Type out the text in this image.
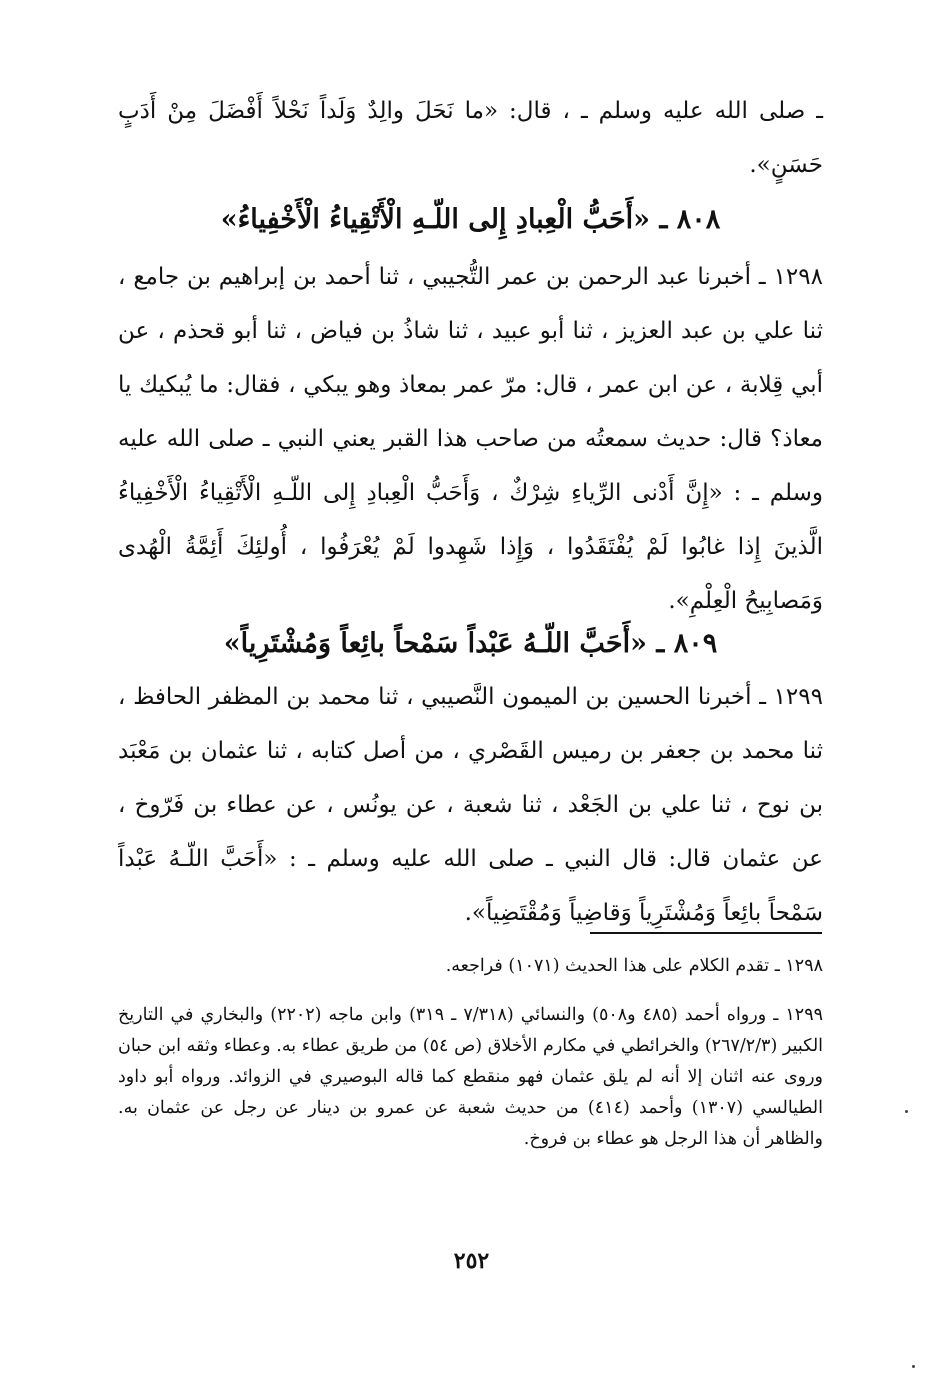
ـ صلى الله عليه وسلم ـ ، قال: «ما نَحَلَ والِدٌ وَلَداً نَحْلاً أَفْضَلَ مِنْ أَدَبٍ حَسَنٍ».
٨٠٨ ـ «أَحَبُّ الْعِبادِ إِلى اللّـهِ الْأَتْقِياءُ الْأَخْفِياءُ»
١٢٩٨ ـ أخبرنا عبد الرحمن بن عمر التُّجيبي ، ثنا أحمد بن إبراهيم بن جامع ، ثنا علي بن عبد العزيز ، ثنا أبو عبيد ، ثنا شاذُ بن فياض ، ثنا أبو قحذم ، عن أبي قِلابة ، عن ابن عمر ، قال: مرّ عمر بمعاذ وهو يبكي ، فقال: ما يُبكيك يا معاذ؟ قال: حديث سمعتُه من صاحب هذا القبر يعني النبي ـ صلى الله عليه وسلم ـ : «إِنَّ أَدْنى الرِّياءِ شِرْكٌ ، وَأَحَبُّ الْعِبادِ إِلى اللّـهِ الْأَتْقِياءُ الْأَخْفِياءُ الَّذينَ إِذا غابُوا لَمْ يُفْتَقَدُوا ، وَإِذا شَهِدوا لَمْ يُعْرَفُوا ، أُولئِكَ أَئِمَّةُ الْهُدى وَمَصابِيحُ الْعِلْمِ».
٨٠٩ ـ «أَحَبَّ اللّـهُ عَبْداً سَمْحاً بائِعاً وَمُشْتَرِياً»
١٢٩٩ ـ أخبرنا الحسين بن الميمون النَّصيبي ، ثنا محمد بن المظفر الحافظ ، ثنا محمد بن جعفر بن رميس القَصْري ، من أصل كتابه ، ثنا عثمان بن مَعْبَد بن نوح ، ثنا علي بن الجَعْد ، ثنا شعبة ، عن يونُس ، عن عطاء بن فَرّوخ ، عن عثمان قال: قال النبي ـ صلى الله عليه وسلم ـ : «أَحَبَّ اللّـهُ عَبْداً سَمْحاً بائِعاً وَمُشْتَرِياً وَقاضِياً وَمُقْتَضِياً».
١٢٩٨ ـ تقدم الكلام على هذا الحديث (١٠٧١) فراجعه.
١٢٩٩ ـ ورواه أحمد (٤٨٥ و٥٠٨) والنسائي (٧/٣١٨ ـ ٣١٩) وابن ماجه (٢٢٠٢) والبخاري في التاريخ الكبير (٢٦٧/٢/٣) والخرائطي في مكارم الأخلاق (ص ٥٤) من طريق عطاء به. وعطاء وثقه ابن حبان وروى عنه اثنان إلا أنه لم يلق عثمان فهو منقطع كما قاله البوصيري في الزوائد. ورواه أبو داود الطيالسي (١٣٠٧) وأحمد (٤١٤) من حديث شعبة عن عمرو بن دينار عن رجل عن عثمان به. والظاهر أن هذا الرجل هو عطاء بن فروخ.
٢٥٢
